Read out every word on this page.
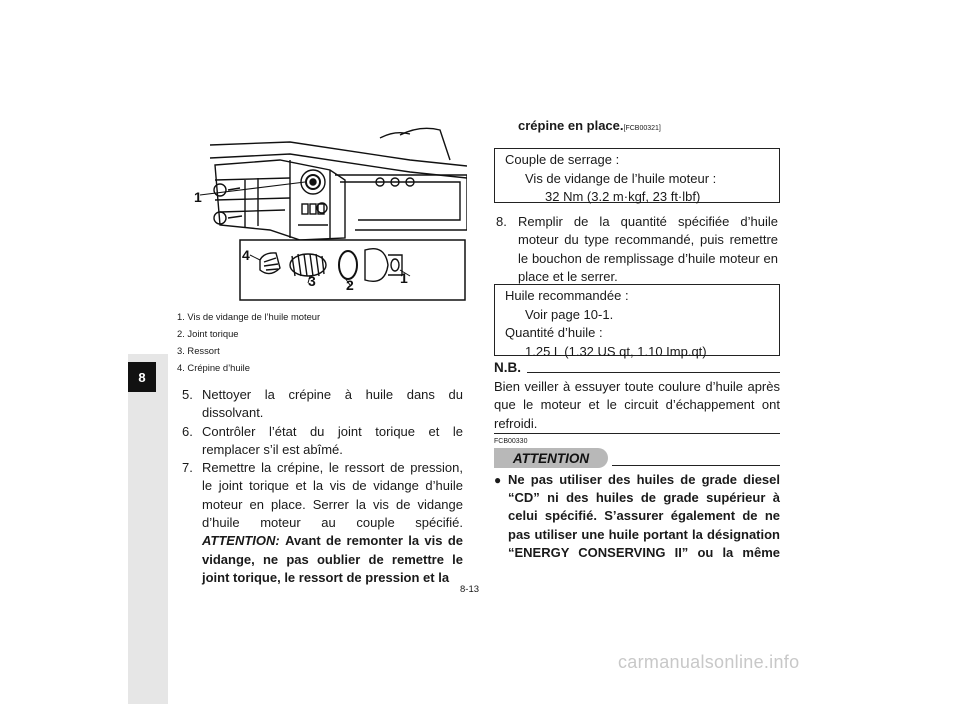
8
1
4
3 2	1
1. Vis de vidange de l’huile moteur
2. Joint torique
3. Ressort
4. Crépine d’huile
5. Nettoyer la crépine à huile dans du dissolvant.
6. Contrôler l’état du joint torique et le remplacer s’il est abîmé.
7. Remettre la crépine, le ressort de pression, le joint torique et la vis de vidange d’huile moteur en place. Serrer la vis de vidange d’huile moteur au couple spécifié. ATTENTION: Avant de remonter la vis de vidange, ne pas oublier de remettre le joint torique, le ressort de pression et la
crépine en place.[FCB00321]
Couple de serrage :
Vis de vidange de l’huile moteur :
32 Nm (3.2 m·kgf, 23 ft·lbf)
8. Remplir de la quantité spécifiée d’huile moteur du type recommandé, puis remettre le bouchon de remplissage d’huile moteur en place et le serrer.
Huile recommandée :
Voir page 10-1.
Quantité d’huile :
1.25 L (1.32 US qt, 1.10 Imp.qt)
N.B.
Bien veiller à essuyer toute coulure d’huile après que le moteur et le circuit d’échappement ont refroidi.
FCB00330
ATTENTION
● Ne pas utiliser des huiles de grade diesel “CD” ni des huiles de grade supérieur à celui spécifié. S’assurer également de ne pas utiliser une huile portant la désignation “ENERGY CONSERVING II” ou la même
8-13
carmanualsonline.info
